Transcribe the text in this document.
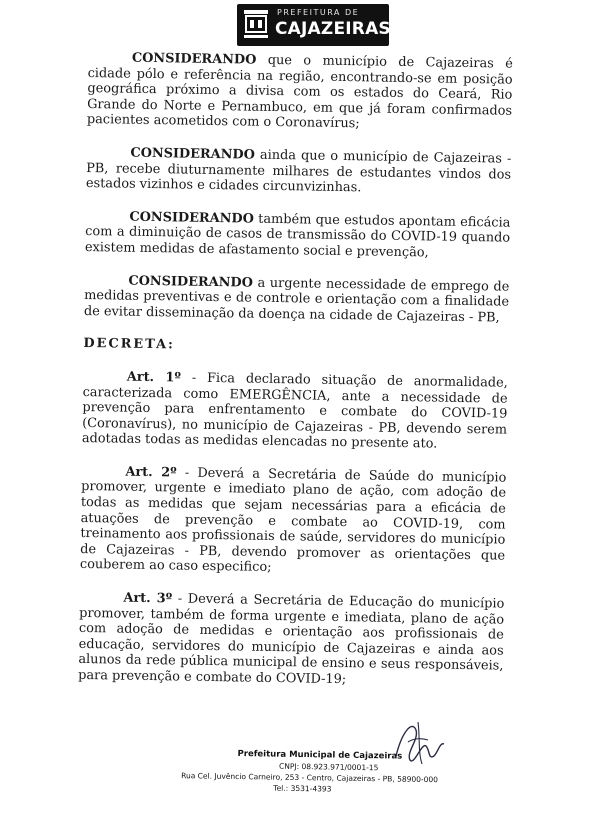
PREFEITURA DE
CAJAZEIRAS

CONSIDERANDO que o município de Cajazeiras é cidade pólo e referência na região, encontrando-se em posição geográfica próximo a divisa com os estados do Ceará, Rio Grande do Norte e Pernambuco, em que já foram confirmados pacientes acometidos com o Coronavírus;

CONSIDERANDO ainda que o município de Cajazeiras - PB, recebe diuturnamente milhares de estudantes vindos dos estados vizinhos e cidades circunvizinhas.

CONSIDERANDO também que estudos apontam eficácia com a diminuição de casos de transmissão do COVID-19 quando existem medidas de afastamento social e prevenção,

CONSIDERANDO a urgente necessidade de emprego de medidas preventivas e de controle e orientação com a finalidade de evitar disseminação da doença na cidade de Cajazeiras - PB,

DECRETA:

Art. 1º - Fica declarado situação de anormalidade, caracterizada como EMERGÊNCIA, ante a necessidade de prevenção para enfrentamento e combate do COVID-19 (Coronavírus), no município de Cajazeiras - PB, devendo serem adotadas todas as medidas elencadas no presente ato.

Art. 2º - Deverá a Secretária de Saúde do município promover, urgente e imediato plano de ação, com adoção de todas as medidas que sejam necessárias para a eficácia de atuações de prevenção e combate ao COVID-19, com treinamento aos profissionais de saúde, servidores do município de Cajazeiras - PB, devendo promover as orientações que couberem ao caso especifico;

Art. 3º - Deverá a Secretária de Educação do município promover, também de forma urgente e imediata, plano de ação com adoção de medidas e orientação aos profissionais de educação, servidores do município de Cajazeiras e ainda aos alunos da rede pública municipal de ensino e seus responsáveis, para prevenção e combate do COVID-19;

Prefeitura Municipal de Cajazeiras
CNPJ: 08.923.971/0001-15
Rua Cel. Juvêncio Carneiro, 253 - Centro, Cajazeiras - PB, 58900-000
Tel.: 3531-4393
